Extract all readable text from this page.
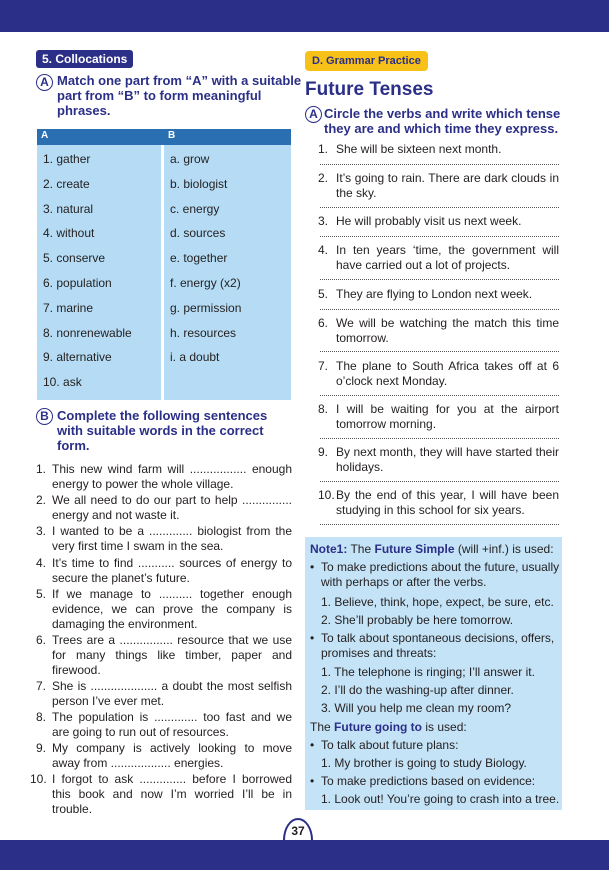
5. Collocations
A Match one part from “A” with a suitable
part from “B” to form meaningful
phrases.
A	B
1. gather
2. create
3. natural
4. without
5. conserve
6. population
7. marine
8. nonrenewable
9. alternative
10. ask
a. grow
b. biologist
c. energy
d. sources
e. together
f. energy (x2)
g. permission
h. resources
i. a doubt
B Complete the following sentences
with suitable words in the correct
form.
1. This new wind farm will ................. enough
energy to power the whole village.
2. We all need to do our part to help ...............
energy and not waste it.
3. I wanted to be a ............. biologist from the
very first time I swam in the sea.
4. It’s time to find ........... sources of energy to
secure the planet’s future.
5. If we manage to .......... together enough
evidence, we can prove the company is
damaging the environment.
6. Trees are a ................ resource that we use
for many things like timber, paper and
firewood.
7. She is .................... a doubt the most selfish
person I’ve ever met.
8. The population is ............. too fast and we
are going to run out of resources.
9. My company is actively looking to move
away from .................. energies.
10. I forgot to ask .............. before I borrowed
this book and now I’m worried I’ll be in
trouble.
D. Grammar Practice
Future Tenses
A Circle the verbs and write which tense
they are and which time they express.
1. She will be sixteen next month.
2. It’s going to rain. There are dark clouds in
the sky.
3. He will probably visit us next week.
4. In ten years ‘time, the government will
have carried out a lot of projects.
5. They are flying to London next week.
6. We will be watching the match this time
tomorrow.
7. The plane to South Africa takes off at 6
o’clock next Monday.
8. I will be waiting for you at the airport
tomorrow morning.
9. By next month, they will have started their
holidays.
10. By the end of this year, I will have been
studying in this school for six years.
Note1: The Future Simple (will +inf.) is used:
• To make predictions about the future, usually
with perhaps or after the verbs.
1. Believe, think, hope, expect, be sure, etc.
2. She’ll probably be here tomorrow.
• To talk about spontaneous decisions, offers,
promises and threats:
1. The telephone is ringing; I’ll answer it.
2. I’ll do the washing-up after dinner.
3. Will you help me clean my room?
The Future going to is used:
• To talk about future plans:
1. My brother is going to study Biology.
• To make predictions based on evidence:
1. Look out! You’re going to crash into a tree.
37
